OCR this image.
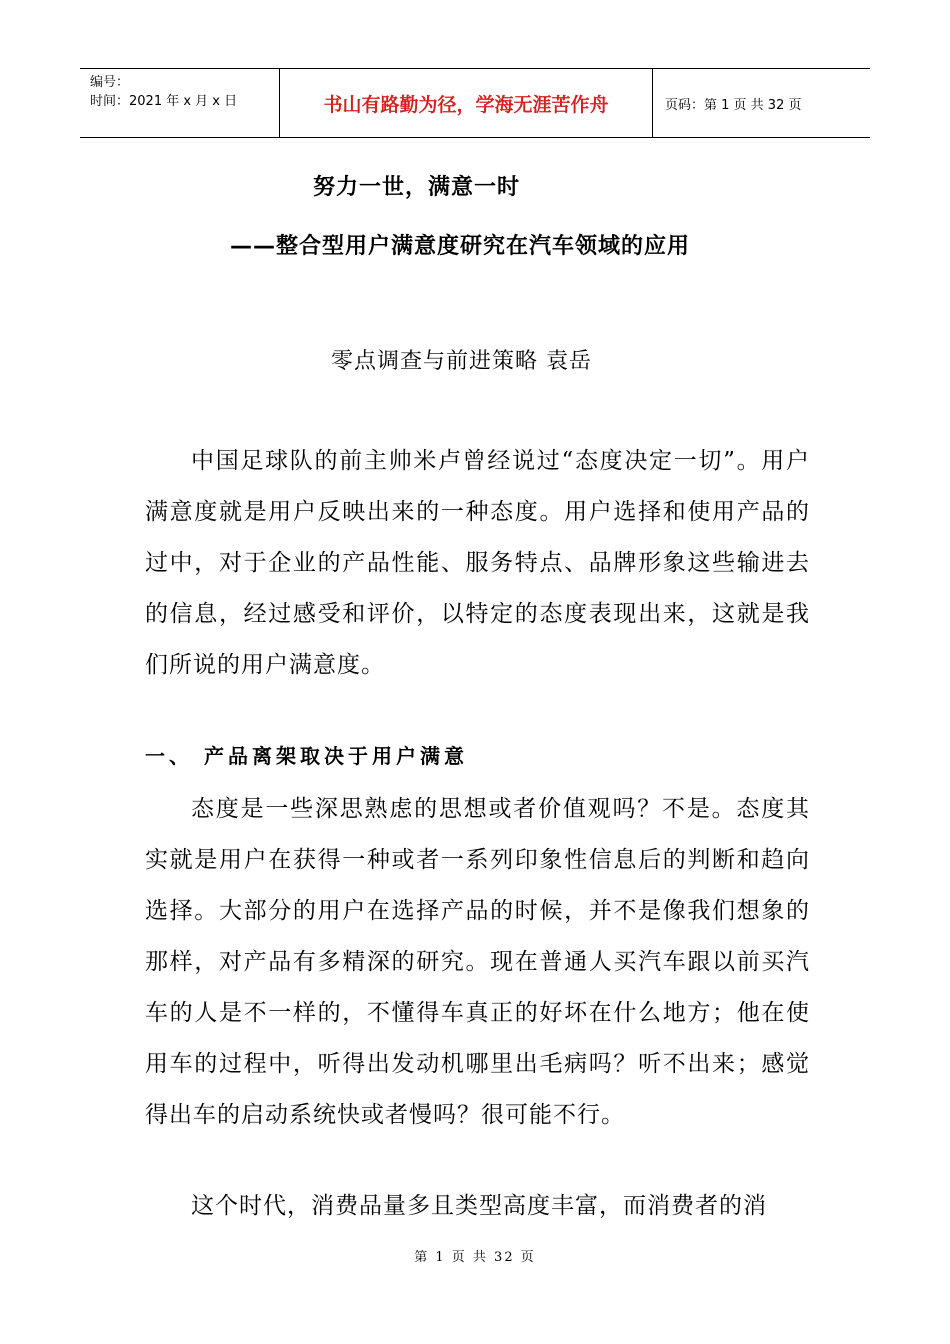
编号：
时间：2021 年 x 月 x 日	书山有路勤为径，学海无涯苦作舟	页码：第 1 页 共 32 页
努力一世，满意一时
——整合型用户满意度研究在汽车领域的应用
零点调查与前进策略 袁岳
中国足球队的前主帅米卢曾经说过“态度决定一切”。用户满意度就是用户反映出来的一种态度。用户选择和使用产品的过中，对于企业的产品性能、服务特点、品牌形象这些输进去的信息，经过感受和评价，以特定的态度表现出来，这就是我们所说的用户满意度。
一、 产品离架取决于用户满意
态度是一些深思熟虑的思想或者价值观吗？不是。态度其实就是用户在获得一种或者一系列印象性信息后的判断和趋向选择。大部分的用户在选择产品的时候，并不是像我们想象的那样，对产品有多精深的研究。现在普通人买汽车跟以前买汽车的人是不一样的，不懂得车真正的好坏在什么地方；他在使用车的过程中，听得出发动机哪里出毛病吗？听不出来；感觉得出车的启动系统快或者慢吗？很可能不行。
这个时代，消费品量多且类型高度丰富，而消费者的消
第 1 页 共 32 页
